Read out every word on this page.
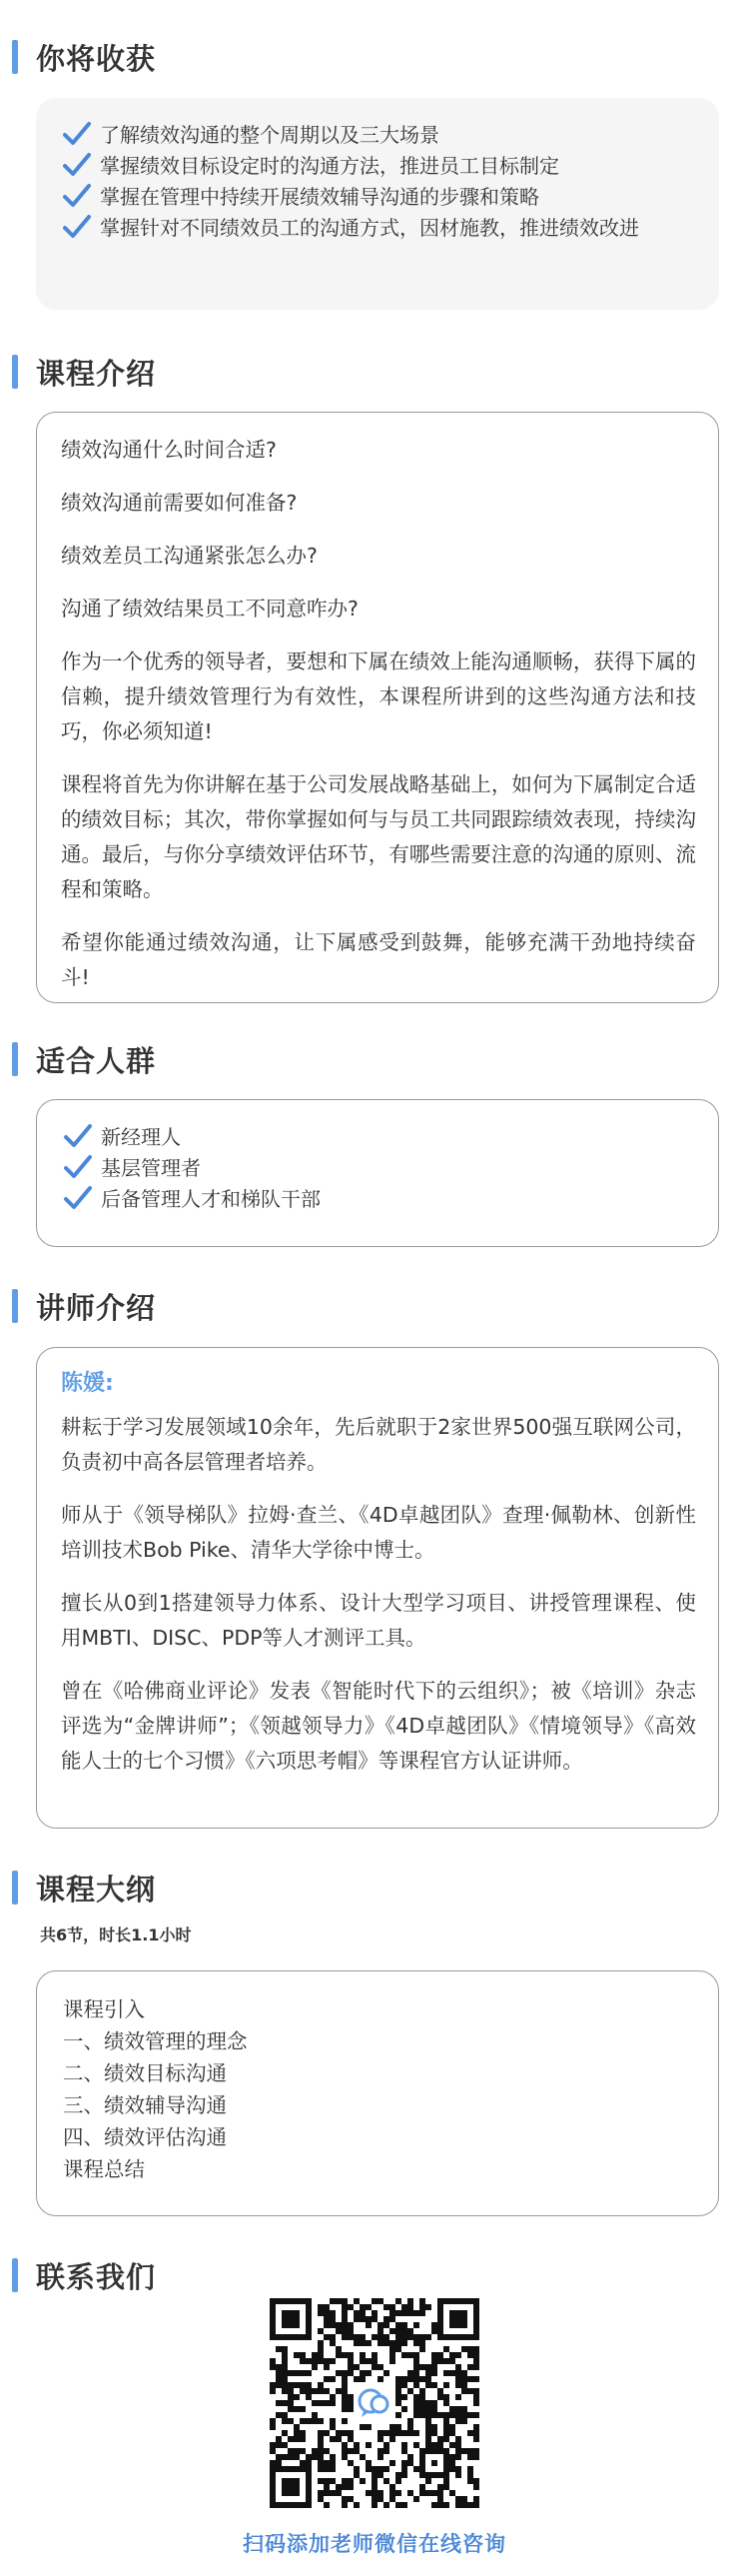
你将收获
了解绩效沟通的整个周期以及三大场景
掌握绩效目标设定时的沟通方法，推进员工目标制定
掌握在管理中持续开展绩效辅导沟通的步骤和策略
掌握针对不同绩效员工的沟通方式，因材施教，推进绩效改进
课程介绍

绩效沟通什么时间合适?

绩效沟通前需要如何准备?

绩效差员工沟通紧张怎么办?

沟通了绩效结果员工不同意咋办?

作为一个优秀的领导者，要想和下属在绩效上能沟通顺畅，获得下属的信赖，提升绩效管理行为有效性，本课程所讲到的这些沟通方法和技巧，你必须知道!

课程将首先为你讲解在基于公司发展战略基础上，如何为下属制定合适的绩效目标；其次，带你掌握如何与与员工共同跟踪绩效表现，持续沟通。最后，与你分享绩效评估环节，有哪些需要注意的沟通的原则、流程和策略。

希望你能通过绩效沟通，让下属感受到鼓舞，能够充满干劲地持续奋斗!

适合人群
新经理人
基层管理者
后备管理人才和梯队干部
讲师介绍
陈媛:

耕耘于学习发展领域10余年，先后就职于2家世界500强互联网公司，负责初中高各层管理者培养。

师从于《领导梯队》拉姆·查兰、《4D卓越团队》查理·佩勒林、创新性培训技术Bob Pike、清华大学徐中博士。

擅长从0到1搭建领导力体系、设计大型学习项目、讲授管理课程、使用MBTI、DISC、PDP等人才测评工具。

曾在《哈佛商业评论》发表《智能时代下的云组织》；被《培训》杂志评选为“金牌讲师”；《领越领导力》《4D卓越团队》《情境领导》《高效能人士的七个习惯》《六项思考帽》等课程官方认证讲师。

课程大纲
共6节，时长1.1小时
课程引入
一、绩效管理的理念
二、绩效目标沟通
三、绩效辅导沟通
四、绩效评估沟通
课程总结
联系我们
扫码添加老师微信在线咨询
